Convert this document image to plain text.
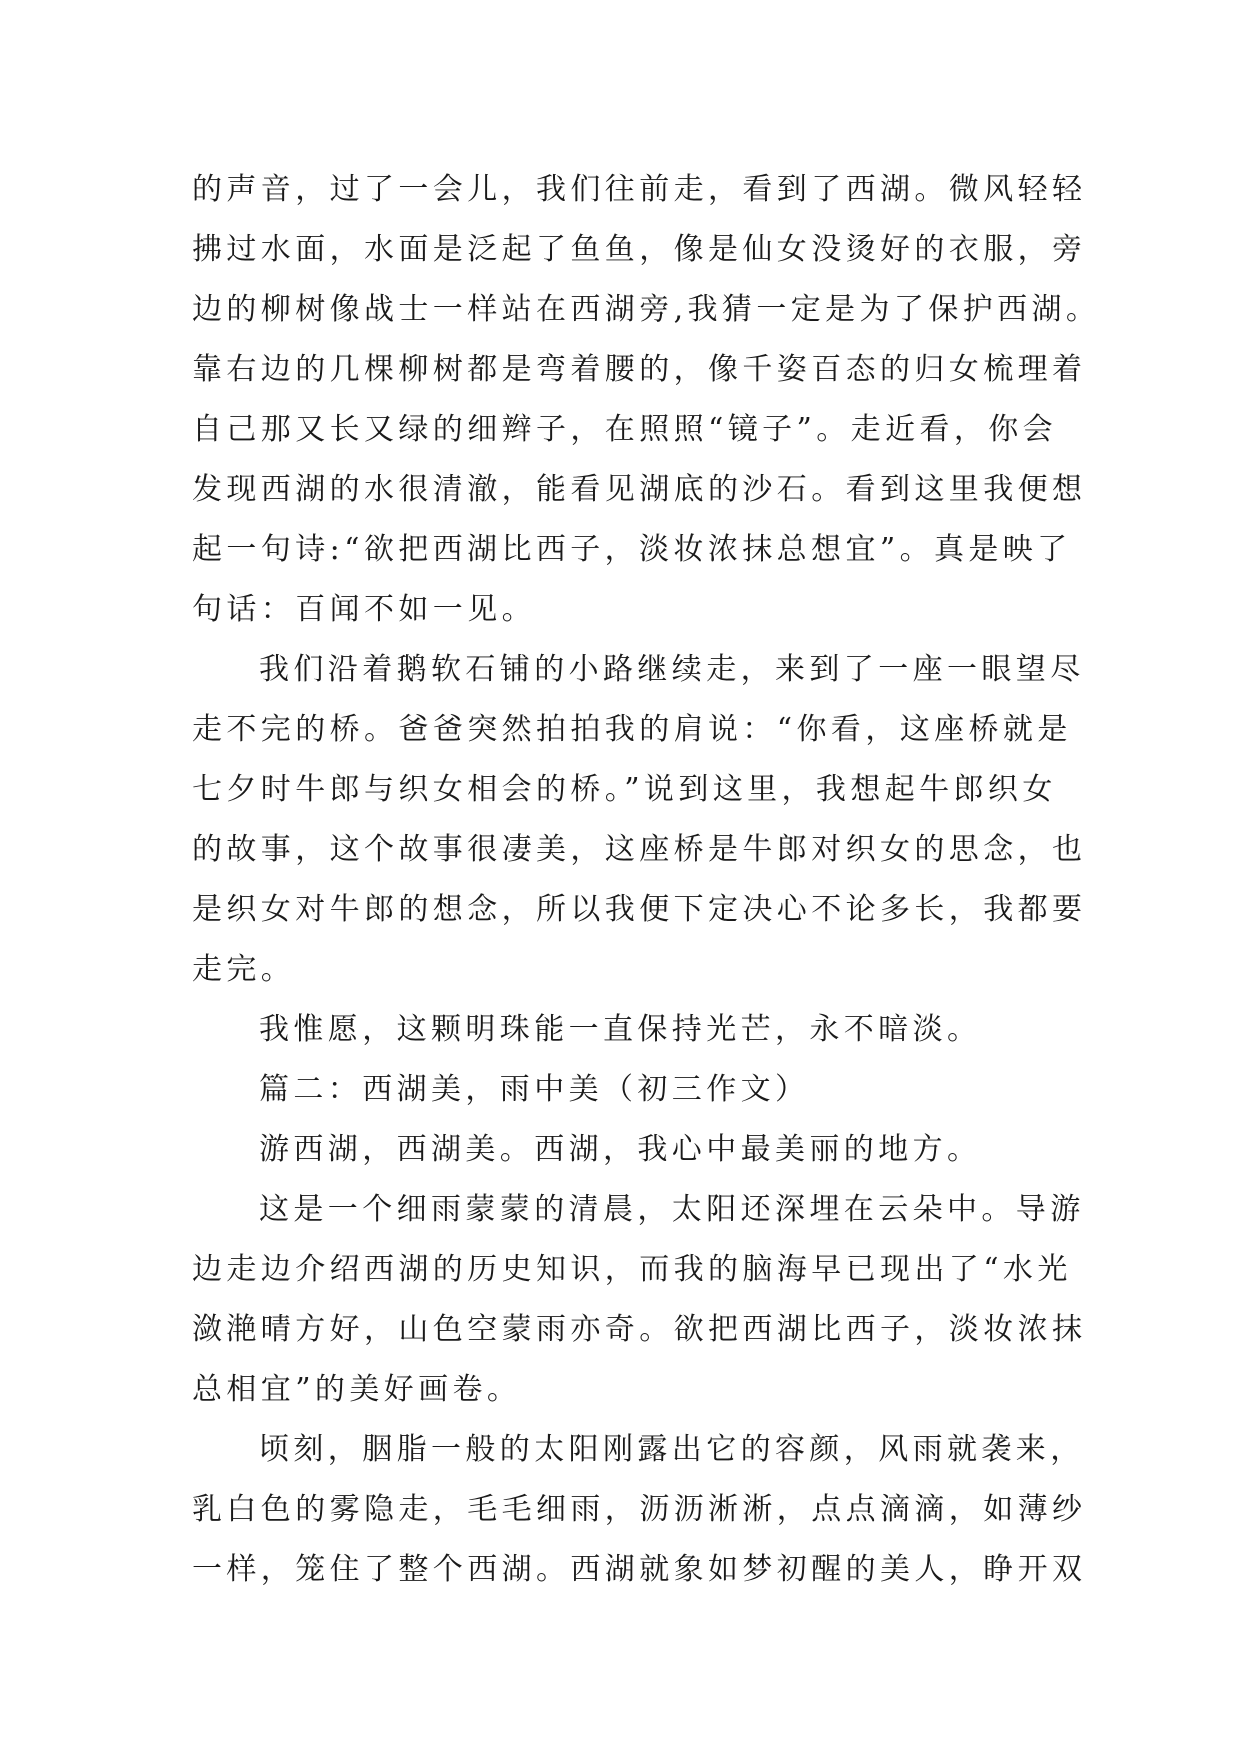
的声音，过了一会儿，我们往前走，看到了西湖。微风轻轻
拂过水面，水面是泛起了鱼鱼，像是仙女没烫好的衣服，旁
边的柳树像战士一样站在西湖旁,我猜一定是为了保护西湖。
靠右边的几棵柳树都是弯着腰的，像千姿百态的归女梳理着
自己那又长又绿的细辫子，在照照“镜子”。走近看，你会
发现西湖的水很清澈，能看见湖底的沙石。看到这里我便想
起一句诗:“欲把西湖比西子，淡妆浓抹总想宜”。真是映了
句话：百闻不如一见。
我们沿着鹅软石铺的小路继续走，来到了一座一眼望尽
走不完的桥。爸爸突然拍拍我的肩说：“你看，这座桥就是
七夕时牛郎与织女相会的桥。”说到这里，我想起牛郎织女
的故事，这个故事很凄美，这座桥是牛郎对织女的思念，也
是织女对牛郎的想念，所以我便下定决心不论多长，我都要
走完。
我惟愿，这颗明珠能一直保持光芒，永不暗淡。
篇二：西湖美，雨中美（初三作文）
游西湖，西湖美。西湖，我心中最美丽的地方。
这是一个细雨蒙蒙的清晨，太阳还深埋在云朵中。导游
边走边介绍西湖的历史知识，而我的脑海早已现出了“水光
潋滟晴方好，山色空蒙雨亦奇。欲把西湖比西子，淡妆浓抹
总相宜”的美好画卷。
顷刻，胭脂一般的太阳刚露出它的容颜，风雨就袭来，
乳白色的雾隐走，毛毛细雨，沥沥淅淅，点点滴滴，如薄纱
一样，笼住了整个西湖。西湖就象如梦初醒的美人，睁开双
